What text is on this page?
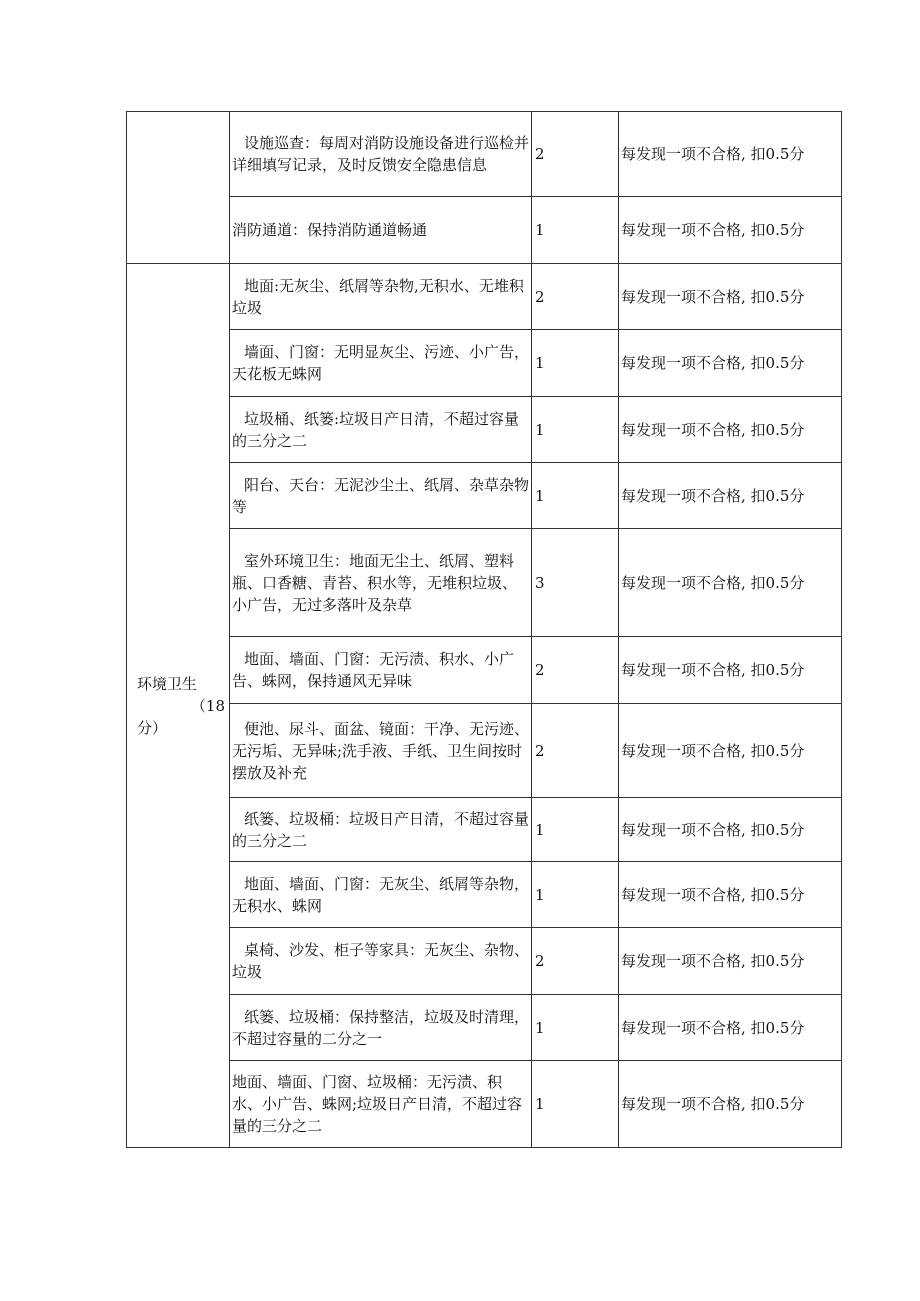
	设施巡查：每周对消防设施设备进行巡检并详细填写记录，及时反馈安全隐患信息	2	每发现一项不合格, 扣0.5分
	消防通道：保持消防通道畅通	1	每发现一项不合格, 扣0.5分

环境卫生
（18
分）	地面:无灰尘、纸屑等杂物,无积水、无堆积垃圾	2	每发现一项不合格, 扣0.5分
	墙面、门窗：无明显灰尘、污迹、小广告，天花板无蛛网	1	每发现一项不合格, 扣0.5分
	垃圾桶、纸篓:垃圾日产日清，不超过容量的三分之二	1	每发现一项不合格, 扣0.5分
	阳台、天台：无泥沙尘土、纸屑、杂草杂物等	1	每发现一项不合格, 扣0.5分
	室外环境卫生：地面无尘土、纸屑、塑料瓶、口香糖、青苔、积水等，无堆积垃圾、小广告，无过多落叶及杂草	3	每发现一项不合格, 扣0.5分
	地面、墙面、门窗：无污渍、积水、小广告、蛛网，保持通风无异味	2	每发现一项不合格, 扣0.5分
	便池、尿斗、面盆、镜面：干净、无污迹、无污垢、无异味;洗手液、手纸、卫生间按时摆放及补充	2	每发现一项不合格, 扣0.5分
	纸篓、垃圾桶：垃圾日产日清，不超过容量的三分之二	1	每发现一项不合格, 扣0.5分
	地面、墙面、门窗：无灰尘、纸屑等杂物，无积水、蛛网	1	每发现一项不合格, 扣0.5分
	桌椅、沙发、柜子等家具：无灰尘、杂物、垃圾	2	每发现一项不合格, 扣0.5分
	纸篓、垃圾桶：保持整洁，垃圾及时清理，不超过容量的二分之一	1	每发现一项不合格, 扣0.5分
	地面、墙面、门窗、垃圾桶：无污渍、积水、小广告、蛛网;垃圾日产日清，不超过容量的三分之二	1	每发现一项不合格, 扣0.5分
